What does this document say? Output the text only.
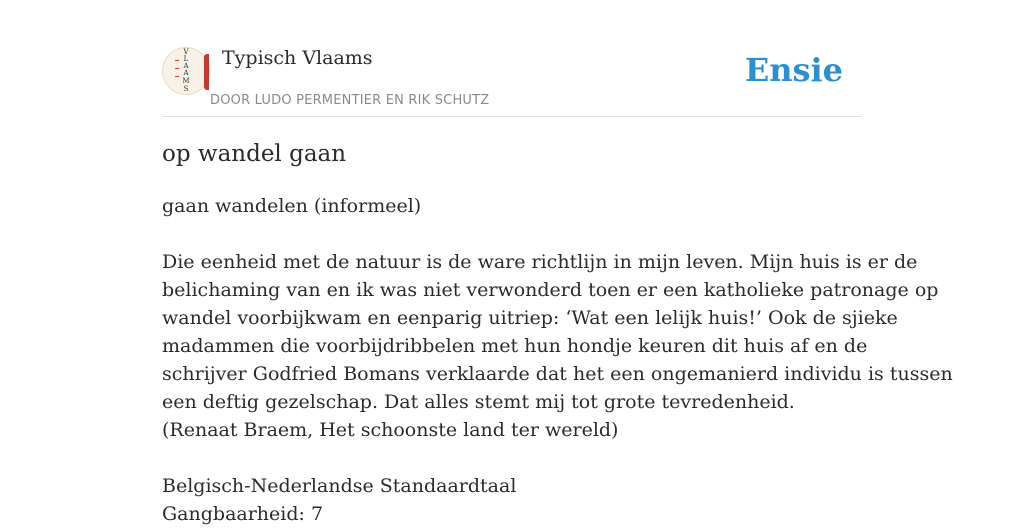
V
L
A
A
M
S
Typisch Vlaams
DOOR LUDO PERMENTIER EN RIK SCHUTZ
Ensie
op wandel gaan
gaan wandelen (informeel)
Die eenheid met de natuur is de ware richtlijn in mijn leven. Mijn huis is er de
belichaming van en ik was niet verwonderd toen er een katholieke patronage op
wandel voorbijkwam en eenparig uitriep: ‘Wat een lelijk huis!’ Ook de sjieke
madammen die voorbijdribbelen met hun hondje keuren dit huis af en de
schrijver Godfried Bomans verklaarde dat het een ongemanierd individu is tussen
een deftig gezelschap. Dat alles stemt mij tot grote tevredenheid.
(Renaat Braem, Het schoonste land ter wereld)
Belgisch-Nederlandse Standaardtaal
Gangbaarheid: 7
